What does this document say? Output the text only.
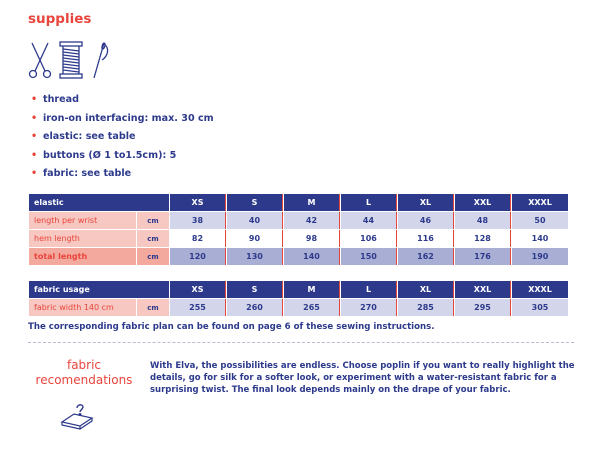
supplies
• thread
• iron-on interfacing: max. 30 cm
• elastic: see table
• buttons (Ø 1 to1.5cm): 5
• fabric: see table
elastic		XS	S	M	L	XL	XXL	XXXL
length per wrist	cm	38	40	42	44	46	48	50
hem length	cm	82	90	98	106	116	128	140
total length	cm	120	130	140	150	162	176	190
fabric usage		XS	S	M	L	XL	XXL	XXXL
fabric width 140 cm	cm	255	260	265	270	285	295	305
The corresponding fabric plan can be found on page 6 of these sewing instructions.
fabric
recomendations
With Elva, the possibilities are endless. Choose poplin if you want to really highlight the details, go for silk for a softer look, or experiment with a water-resistant fabric for a surprising twist. The final look depends mainly on the drape of your fabric.
